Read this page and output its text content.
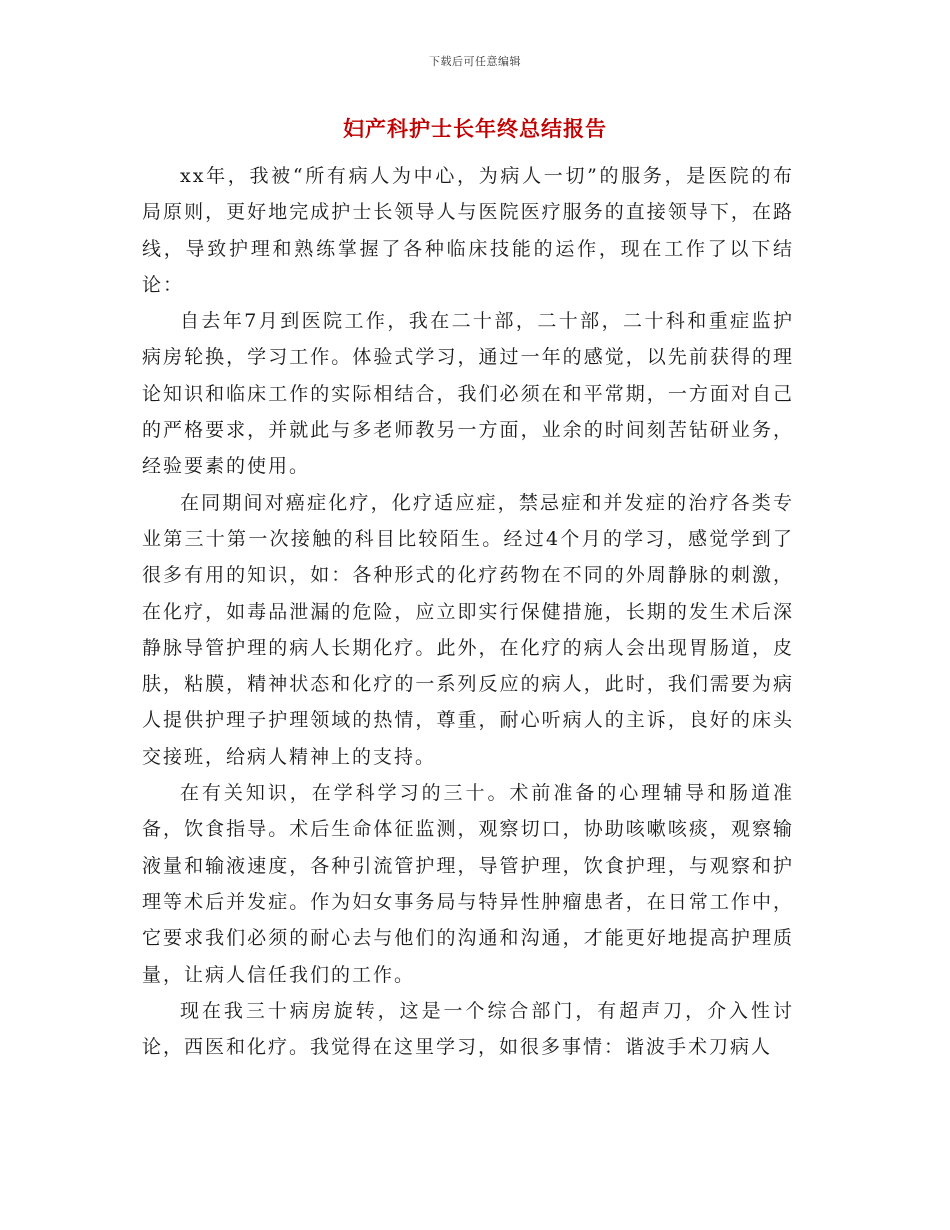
下载后可任意编辑
妇产科护士长年终总结报告

xx年，我被“所有病人为中心，为病人一切”的服务，是医院的布局原则，更好地完成护士长领导人与医院医疗服务的直接领导下，在路线，导致护理和熟练掌握了各种临床技能的运作，现在工作了以下结论：

自去年7月到医院工作，我在二十部，二十部，二十科和重症监护病房轮换，学习工作。体验式学习，通过一年的感觉，以先前获得的理论知识和临床工作的实际相结合，我们必须在和平常期，一方面对自己的严格要求，并就此与多老师教另一方面，业余的时间刻苦钻研业务，经验要素的使用。

在同期间对癌症化疗，化疗适应症，禁忌症和并发症的治疗各类专业第三十第一次接触的科目比较陌生。经过4个月的学习，感觉学到了很多有用的知识，如：各种形式的化疗药物在不同的外周静脉的刺激，在化疗，如毒品泄漏的危险，应立即实行保健措施，长期的发生术后深静脉导管护理的病人长期化疗。此外，在化疗的病人会出现胃肠道，皮肤，粘膜，精神状态和化疗的一系列反应的病人，此时，我们需要为病人提供护理子护理领域的热情，尊重，耐心听病人的主诉，良好的床头交接班，给病人精神上的支持。

在有关知识，在学科学习的三十。术前准备的心理辅导和肠道准备，饮食指导。术后生命体征监测，观察切口，协助咳嗽咳痰，观察输液量和输液速度，各种引流管护理，导管护理，饮食护理，与观察和护理等术后并发症。作为妇女事务局与特异性肿瘤患者，在日常工作中，它要求我们必须的耐心去与他们的沟通和沟通，才能更好地提高护理质量，让病人信任我们的工作。

现在我三十病房旋转，这是一个综合部门，有超声刀，介入性讨论，西医和化疗。我觉得在这里学习，如很多事情：谐波手术刀病人
